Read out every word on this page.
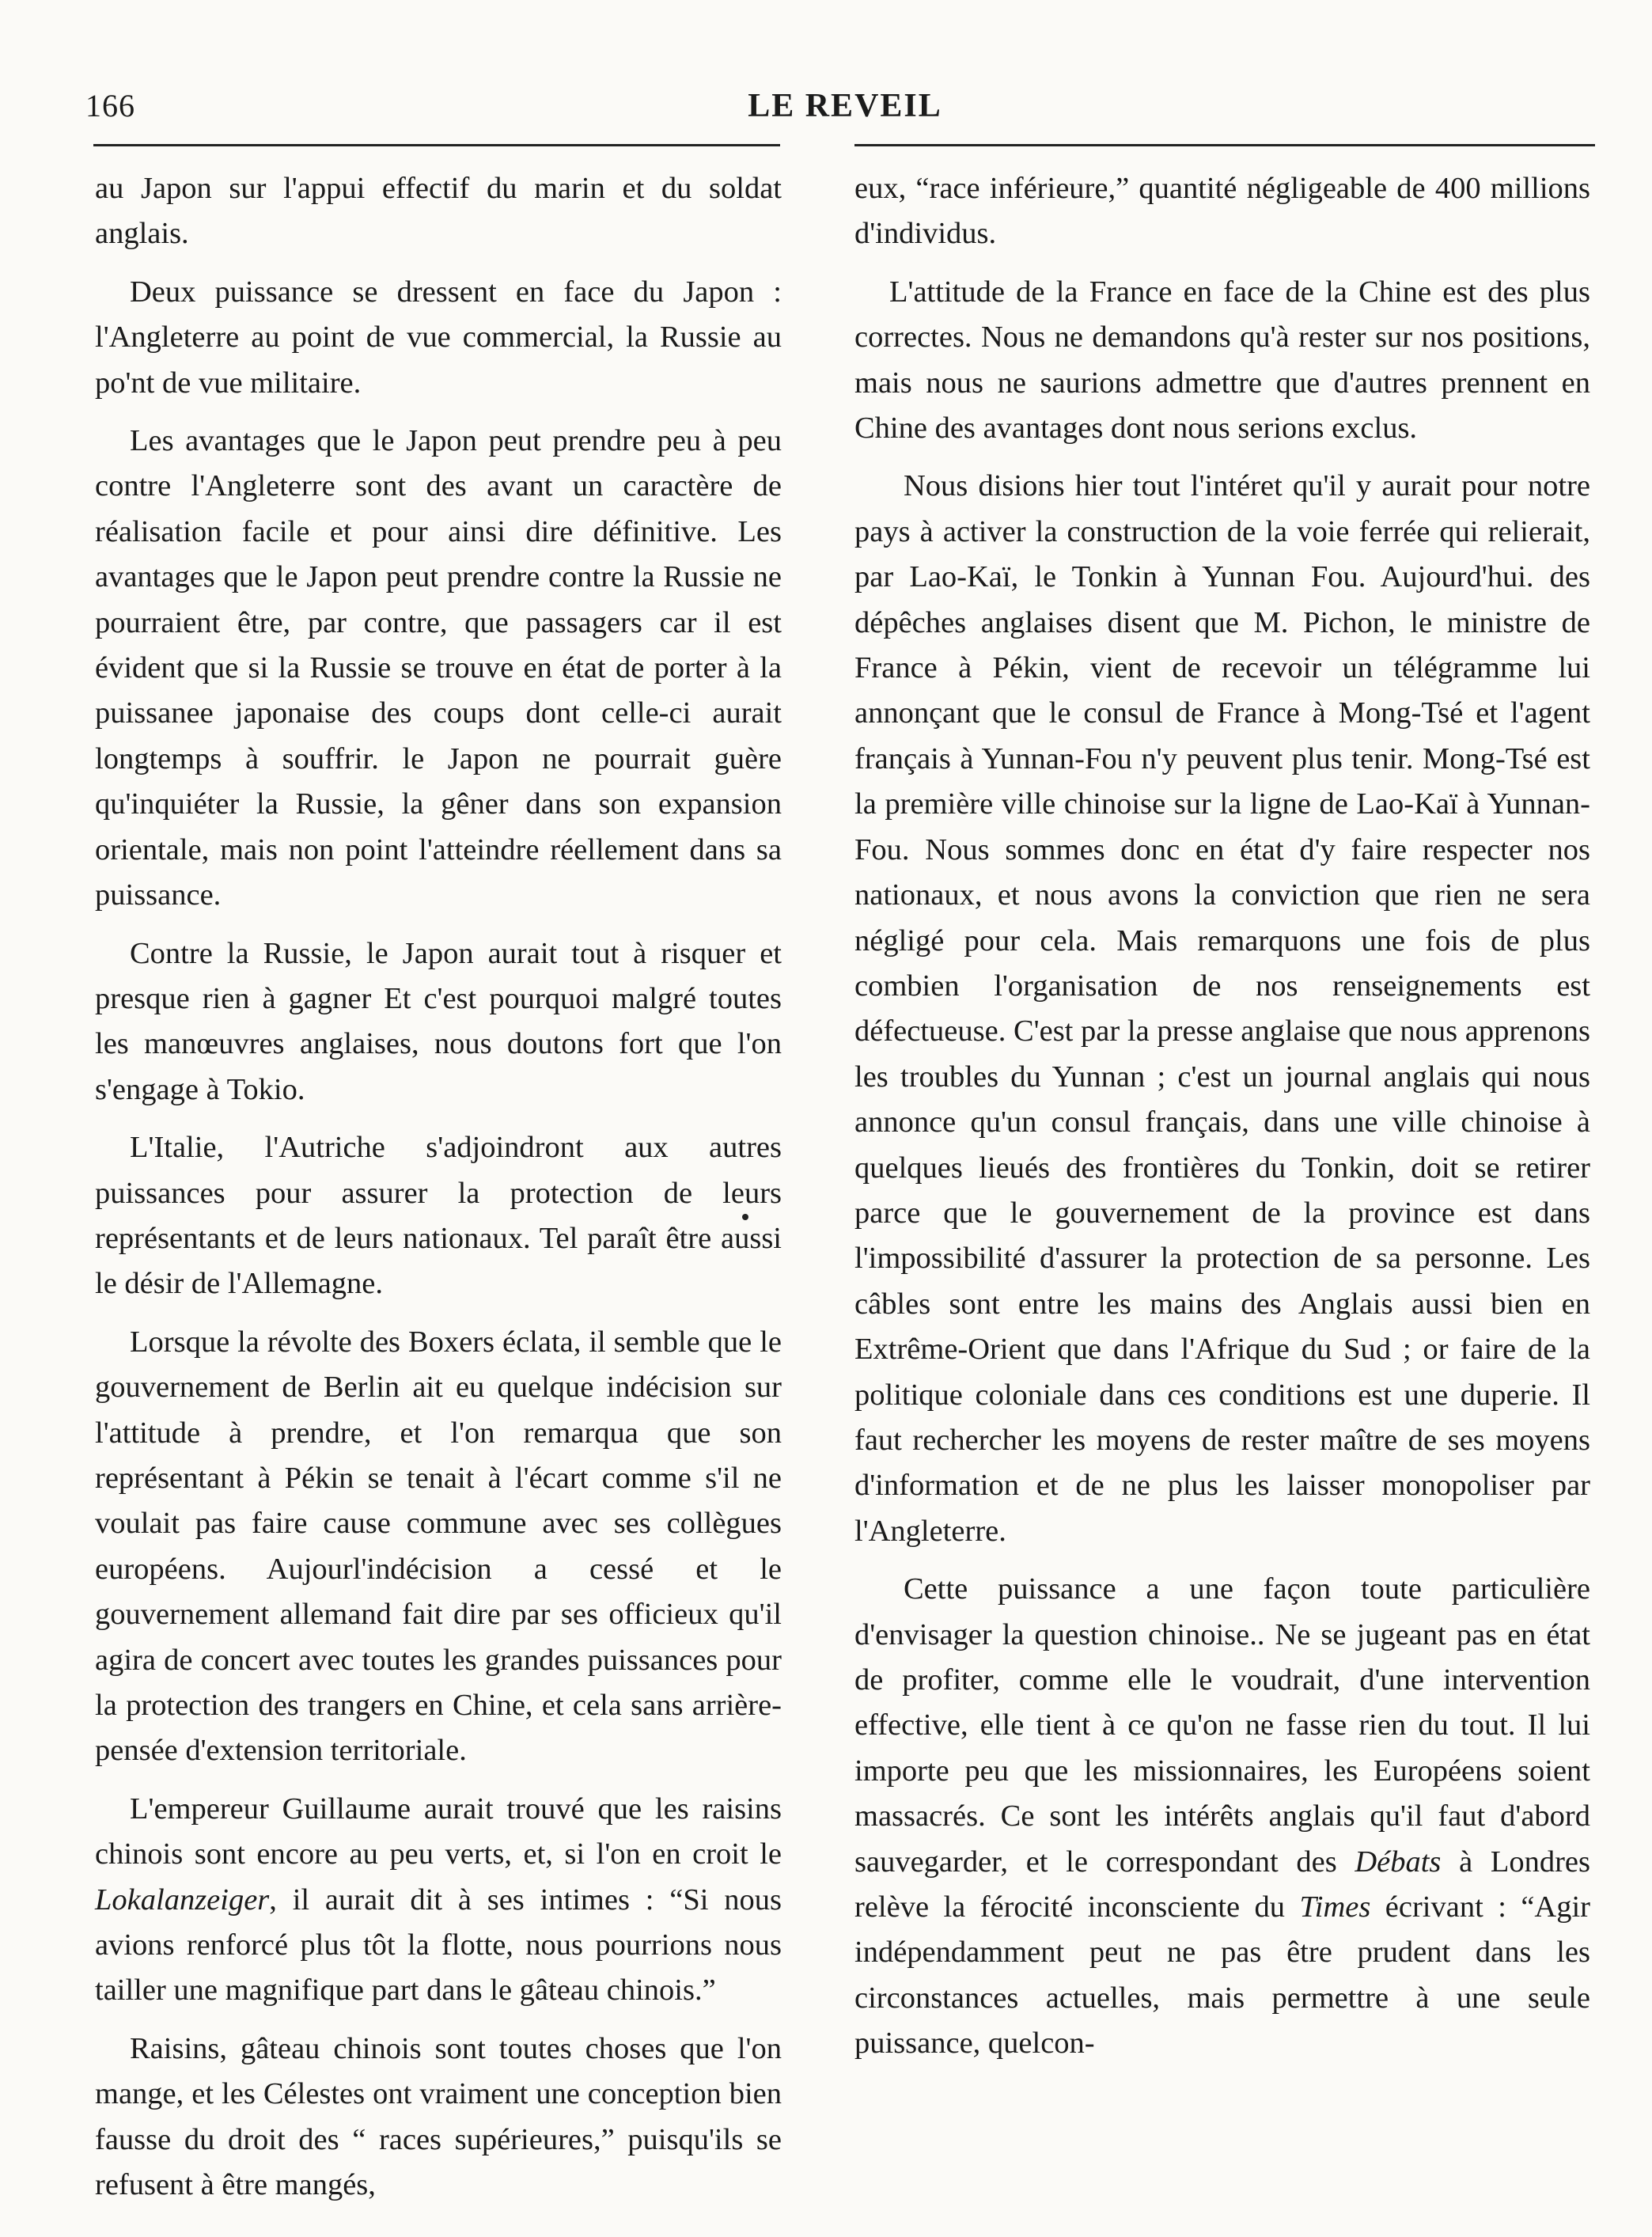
166	LE REVEIL

au Japon sur l'appui effectif du marin et du soldat anglais.

Deux puissance se dressent en face du Japon : l'Angleterre au point de vue commercial, la Russie au po'nt de vue militaire.

Les avantages que le Japon peut prendre peu à peu contre l'Angleterre sont des avant un caractère de réalisation facile et pour ainsi dire définitive. Les avantages que le Japon peut prendre contre la Russie ne pourraient être, par contre, que passagers car il est évident que si la Russie se trouve en état de porter à la puissanee japonaise des coups dont celle-ci aurait longtemps à souffrir. le Japon ne pourrait guère qu'inquiéter la Russie, la gêner dans son expansion orientale, mais non point l'atteindre réellement dans sa puissance.

Contre la Russie, le Japon aurait tout à risquer et presque rien à gagner Et c'est pourquoi malgré toutes les manœuvres anglaises, nous doutons fort que l'on s'engage à Tokio.

L'Italie, l'Autriche s'adjoindront aux autres puissances pour assurer la protection de leurs représentants et de leurs nationaux. Tel paraît être aussi le désir de l'Allemagne.

Lorsque la révolte des Boxers éclata, il semble que le gouvernement de Berlin ait eu quelque indécision sur l'attitude à prendre, et l'on remarqua que son représentant à Pékin se tenait à l'écart comme s'il ne voulait pas faire cause commune avec ses collègues européens. Aujourl'indécision a cessé et le gouvernement allemand fait dire par ses officieux qu'il agira de concert avec toutes les grandes puissances pour la protection des trangers en Chine, et cela sans arrière-pensée d'extension territoriale.

L'empereur Guillaume aurait trouvé que les raisins chinois sont encore au peu verts, et, si l'on en croit le Lokalanzeiger, il aurait dit à ses intimes : “Si nous avions renforcé plus tôt la flotte, nous pourrions nous tailler une magnifique part dans le gâteau chinois.”

Raisins, gâteau chinois sont toutes choses que l'on mange, et les Célestes ont vraiment une conception bien fausse du droit des “ races supérieures,” puisqu'ils se refusent à être mangés,

eux, “race inférieure,” quantité négligeable de 400 millions d'individus.

L'attitude de la France en face de la Chine est des plus correctes. Nous ne demandons qu'à rester sur nos positions, mais nous ne saurions admettre que d'autres prennent en Chine des avantages dont nous serions exclus.

Nous disions hier tout l'intéret qu'il y aurait pour notre pays à activer la construction de la voie ferrée qui relierait, par Lao-Kaï, le Tonkin à Yunnan Fou. Aujourd'hui. des dépêches anglaises disent que M. Pichon, le ministre de France à Pékin, vient de recevoir un télégramme lui annonçant que le consul de France à Mong-Tsé et l'agent français à Yunnan-Fou n'y peuvent plus tenir. Mong-Tsé est la première ville chinoise sur la ligne de Lao-Kaï à Yunnan-Fou. Nous sommes donc en état d'y faire respecter nos nationaux, et nous avons la conviction que rien ne sera négligé pour cela. Mais remarquons une fois de plus combien l'organisation de nos renseignements est défectueuse. C'est par la presse anglaise que nous apprenons les troubles du Yunnan ; c'est un journal anglais qui nous annonce qu'un consul français, dans une ville chinoise à quelques lieués des frontières du Tonkin, doit se retirer parce que le gouvernement de la province est dans l'impossibilité d'assurer la protection de sa personne. Les câbles sont entre les mains des Anglais aussi bien en Extrême-Orient que dans l'Afrique du Sud ; or faire de la politique coloniale dans ces conditions est une duperie. Il faut rechercher les moyens de rester maître de ses moyens d'information et de ne plus les laisser monopoliser par l'Angleterre.

Cette puissance a une façon toute particulière d'envisager la question chinoise.. Ne se jugeant pas en état de profiter, comme elle le voudrait, d'une intervention effective, elle tient à ce qu'on ne fasse rien du tout. Il lui importe peu que les missionnaires, les Européens soient massacrés. Ce sont les intérêts anglais qu'il faut d'abord sauvegarder, et le correspondant des Débats à Londres relève la férocité inconsciente du Times écrivant : “Agir indépendamment peut ne pas être prudent dans les circonstances actuelles, mais permettre à une seule puissance, quelcon-
